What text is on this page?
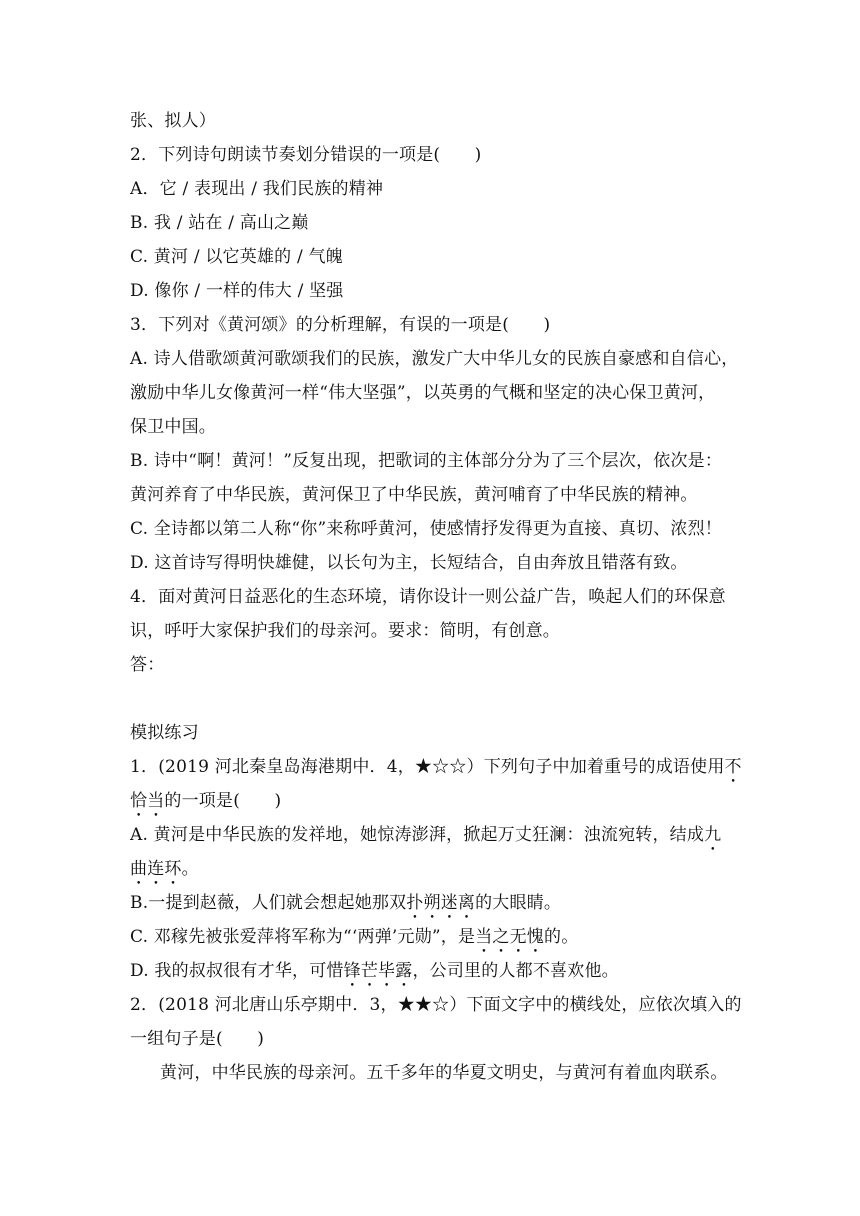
张、拟人）
2．下列诗句朗读节奏划分错误的一项是(　　)
A．它 / 表现出 / 我们民族的精神
B. 我 / 站在 / 高山之巅
C. 黄河 / 以它英雄的 / 气魄
D. 像你 / 一样的伟大 / 坚强
3．下列对《黄河颂》的分析理解，有误的一项是(　　)
A. 诗人借歌颂黄河歌颂我们的民族，激发广大中华儿女的民族自豪感和自信心，
激励中华儿女像黄河一样“伟大坚强”，以英勇的气概和坚定的决心保卫黄河，
保卫中国。
B. 诗中“啊！黄河！”反复出现，把歌词的主体部分分为了三个层次，依次是：
黄河养育了中华民族，黄河保卫了中华民族，黄河哺育了中华民族的精神。
C. 全诗都以第二人称“你”来称呼黄河，使感情抒发得更为直接、真切、浓烈！
D. 这首诗写得明快雄健，以长句为主，长短结合，自由奔放且错落有致。
4．面对黄河日益恶化的生态环境，请你设计一则公益广告，唤起人们的环保意
识，呼吁大家保护我们的母亲河。要求：简明，有创意。
答：
模拟练习
1．(2019 河北秦皇岛海港期中．4，★☆☆）下列句子中加着重号的成语使用不
恰当的一项是(　　)
A. 黄河是中华民族的发祥地，她惊涛澎湃，掀起万丈狂澜：浊流宛转，结成九
曲连环。
B.一提到赵薇，人们就会想起她那双扑朔迷离的大眼睛。
C. 邓稼先被张爱萍将军称为“‘两弹’元勋”，是当之无愧的。
D. 我的叔叔很有才华，可惜锋芒毕露，公司里的人都不喜欢他。
2．(2018 河北唐山乐亭期中．3，★★☆）下面文字中的横线处，应依次填入的
一组句子是(　　)
黄河，中华民族的母亲河。五千多年的华夏文明史，与黄河有着血肉联系。
